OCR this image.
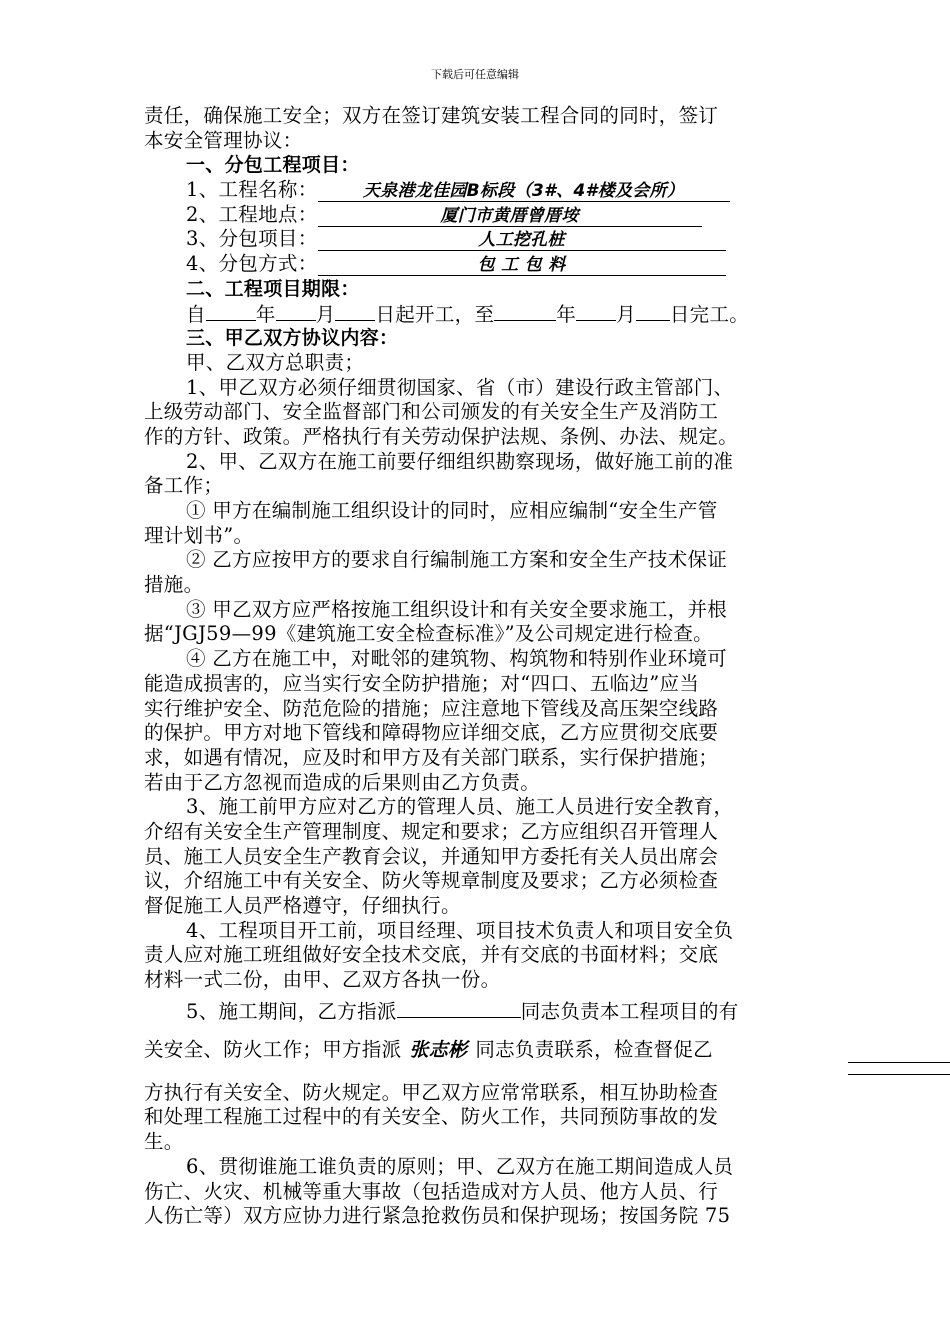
下载后可任意编辑
责任，确保施工安全；双方在签订建筑安装工程合同的同时，签订
本安全管理协议：
一、分包工程项目：
1、工程名称：	天泉港龙佳园B标段（3#、4#楼及会所）
2、工程地点：	厦门市黄厝曾厝垵
3、分包项目：	人工挖孔桩
4、分包方式：	包 工 包 料
二、工程项目期限：
自	年 月 日起开工，至	年 月 日完工。
三、甲乙双方协议内容：
甲、乙双方总职责；
1、甲乙双方必须仔细贯彻国家、省（市）建设行政主管部门、
上级劳动部门、安全监督部门和公司颁发的有关安全生产及消防工
作的方针、政策。严格执行有关劳动保护法规、条例、办法、规定。
2、甲、乙双方在施工前要仔细组织勘察现场，做好施工前的准
备工作；
① 甲方在编制施工组织设计的同时，应相应编制“安全生产管
理计划书”。
② 乙方应按甲方的要求自行编制施工方案和安全生产技术保证
措施。
③ 甲乙双方应严格按施工组织设计和有关安全要求施工，并根
据“JGJ59—99《建筑施工安全检查标准》”及公司规定进行检查。
④ 乙方在施工中，对毗邻的建筑物、构筑物和特别作业环境可
能造成损害的，应当实行安全防护措施；对“四口、五临边”应当
实行维护安全、防范危险的措施；应注意地下管线及高压架空线路
的保护。甲方对地下管线和障碍物应详细交底，乙方应贯彻交底要
求，如遇有情况，应及时和甲方及有关部门联系，实行保护措施；
若由于乙方忽视而造成的后果则由乙方负责。
3、施工前甲方应对乙方的管理人员、施工人员进行安全教育，
介绍有关安全生产管理制度、规定和要求；乙方应组织召开管理人
员、施工人员安全生产教育会议，并通知甲方委托有关人员出席会
议，介绍施工中有关安全、防火等规章制度及要求；乙方必须检查
督促施工人员严格遵守，仔细执行。
4、工程项目开工前，项目经理、项目技术负责人和项目安全负
责人应对施工班组做好安全技术交底，并有交底的书面材料；交底
材料一式二份，由甲、乙双方各执一份。
5、施工期间，乙方指派	同志负责本工程项目的有
关安全、防火工作；甲方指派 张志彬 同志负责联系，检查督促乙
方执行有关安全、防火规定。甲乙双方应常常联系，相互协助检查
和处理工程施工过程中的有关安全、防火工作，共同预防事故的发
生。
6、贯彻谁施工谁负责的原则；甲、乙双方在施工期间造成人员
伤亡、火灾、机械等重大事故（包括造成对方人员、他方人员、行
人伤亡等）双方应协力进行紧急抢救伤员和保护现场；按国务院 75
